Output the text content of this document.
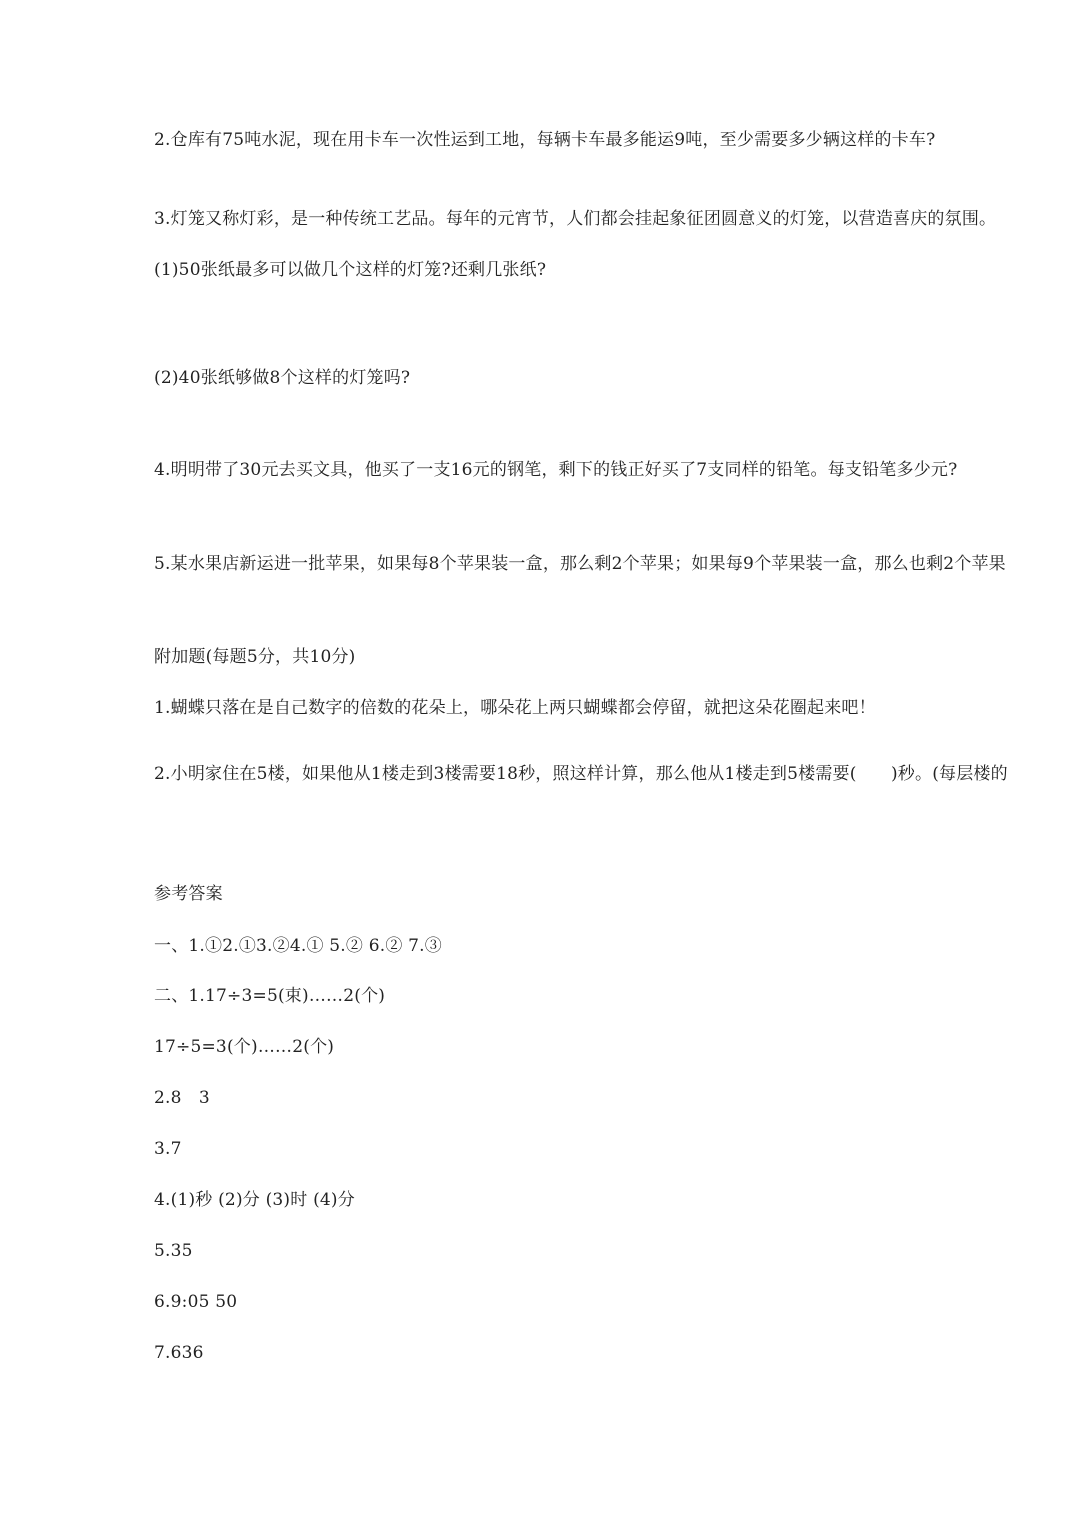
2.仓库有75吨水泥，现在用卡车一次性运到工地，每辆卡车最多能运9吨，至少需要多少辆这样的卡车?
3.灯笼又称灯彩，是一种传统工艺品。每年的元宵节，人们都会挂起象征团圆意义的灯笼，以营造喜庆的氛围。
(1)50张纸最多可以做几个这样的灯笼?还剩几张纸?
(2)40张纸够做8个这样的灯笼吗?
4.明明带了30元去买文具，他买了一支16元的钢笔，剩下的钱正好买了7支同样的铅笔。每支铅笔多少元?
5.某水果店新运进一批苹果，如果每8个苹果装一盒，那么剩2个苹果；如果每9个苹果装一盒，那么也剩2个苹果
附加题(每题5分，共10分)
1.蝴蝶只落在是自己数字的倍数的花朵上，哪朵花上两只蝴蝶都会停留，就把这朵花圈起来吧！
2.小明家住在5楼，如果他从1楼走到3楼需要18秒，照这样计算，那么他从1楼走到5楼需要(　　)秒。(每层楼的
参考答案
一、1.①2.①3.②4.① 5.② 6.② 7.③
二、1.17÷3=5(束)……2(个)
17÷5=3(个)……2(个)
2.8　3
3.7
4.(1)秒 (2)分 (3)时 (4)分
5.35
6.9:05 50
7.636
